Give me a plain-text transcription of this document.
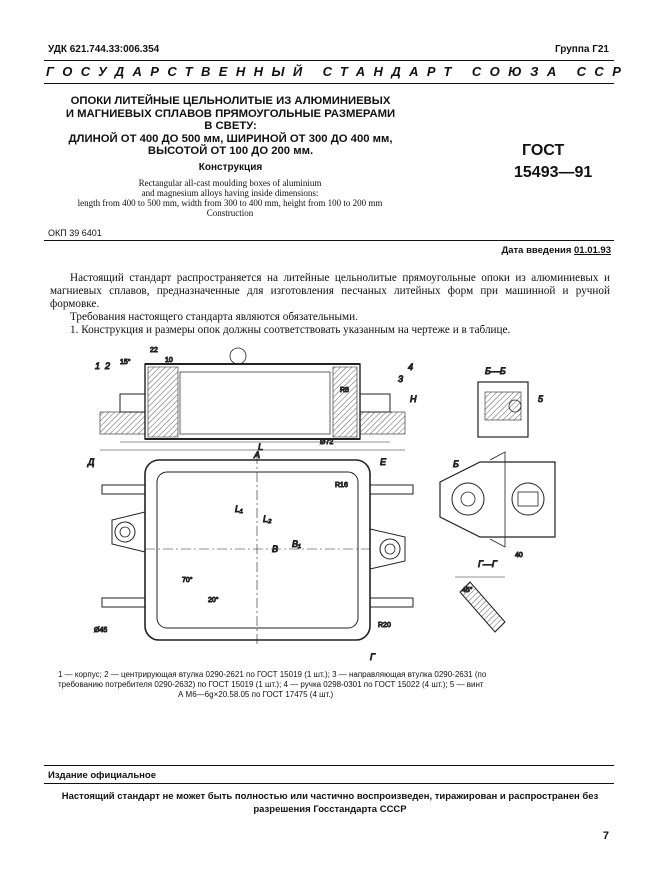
УДК 621.744.33:006.354	Группа Г21
ГОСУДАРСТВЕННЫЙ СТАНДАРТ СОЮЗА ССР
ОПОКИ ЛИТЕЙНЫЕ ЦЕЛЬНОЛИТЫЕ ИЗ АЛЮМИНИЕВЫХ
И МАГНИЕВЫХ СПЛАВОВ ПРЯМОУГОЛЬНЫЕ РАЗМЕРАМИ
В СВЕТУ:
ДЛИНОЙ ОТ 400 ДО 500 мм, ШИРИНОЙ ОТ 300 ДО 400 мм,
ВЫСОТОЙ ОТ 100 ДО 200 мм.	ГОСТ
15493—91
Конструкция
Rectangular all-cast moulding boxes of aluminium
and magnesium alloys having inside dimensions:
length from 400 to 500 mm, width from 300 to 400 mm, height from 100 to 200 mm
Construction
ОКП 39 6401
Дата введения 01.01.93
Настоящий стандарт распространяется на литейные цельнолитые прямоугольные опоки из алюминиевых и магниевых сплавов, предназначенные для изготовления песчаных литейных форм при машинной и ручной формовке.
Требования настоящего стандарта являются обязательными.
1. Конструкция и размеры опок должны соответствовать указанным на чертеже и в таблице.
Б—Б
Г—Г
Д	Е	Б
Г
L
A
L₁
L₂
B B₁
H
R16
R20
R8
22
10
15°
40
45°
70°
20°
Ø72
Ø45
1 2
3
4
5
1 — корпус; 2 — центрирующая втулка 0290-2621 по ГОСТ 15019 (1 шт.); 3 — направляющая втулка 0290-2631 (по
требованию потребителя 0290-2632) по ГОСТ 15019 (1 шт.); 4 — ручка 0298-0301 по ГОСТ 15022 (4 шт.); 5 — винт
А М6—6g×20.58.05 по ГОСТ 17475 (4 шт.)
Издание официальное
Настоящий стандарт не может быть полностью или частично воспроизведен, тиражирован и распространен без
разрешения Госстандарта СССР
7
